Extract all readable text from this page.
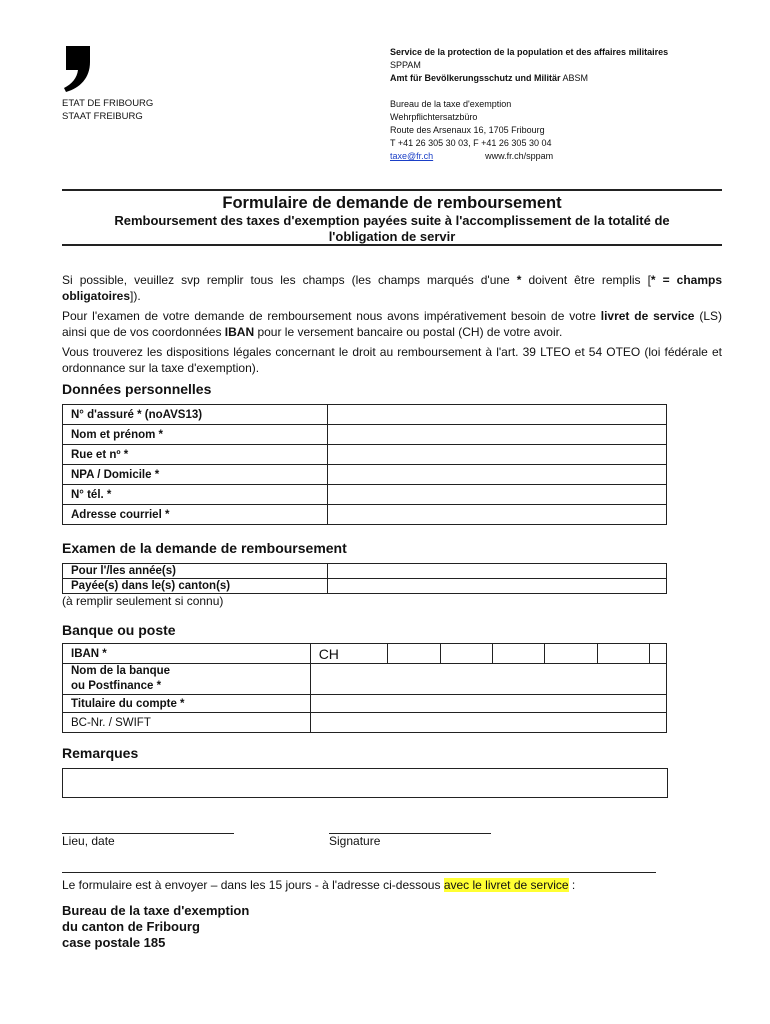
ETAT DE FRIBOURG
STAAT FREIBURG
Service de la protection de la population et des affaires militaires
SPPAM
Amt für Bevölkerungsschutz und Militär ABSM
Bureau de la taxe d'exemption
Wehrpflichtersatzbüro
Route des Arsenaux 16, 1705 Fribourg
T +41 26 305 30 03, F +41 26 305 30 04
taxe@fr.ch	www.fr.ch/sppam
Formulaire de demande de remboursement
Remboursement des taxes d'exemption payées suite à l'accomplissement de la totalité de l'obligation de servir
Si possible, veuillez svp remplir tous les champs (les champs marqués d'une * doivent être remplis [* = champs obligatoires]).
Pour l'examen de votre demande de remboursement nous avons impérativement besoin de votre livret de service (LS) ainsi que de vos coordonnées IBAN pour le versement bancaire ou postal (CH) de votre avoir.
Vous trouverez les dispositions légales concernant le droit au remboursement à l'art. 39 LTEO et 54 OTEO (loi fédérale et ordonnance sur la taxe d'exemption).
Données personnelles
N° d'assuré * (noAVS13)	
Nom et prénom *	
Rue et nº *	
NPA / Domicile *	
N° tél. *	
Adresse courriel *	
Examen de la demande de remboursement
Pour l'/les année(s)	
Payée(s) dans le(s) canton(s)	
(à remplir seulement si connu)
Banque ou poste
IBAN *	CH						
Nom de la banque
ou Postfinance *							
Titulaire du compte *							
BC-Nr. / SWIFT							
Remarques
Lieu, date	Signature
Le formulaire est à envoyer – dans les 15 jours - à l'adresse ci-dessous avec le livret de service :
Bureau de la taxe d'exemption
du canton de Fribourg
case postale 185
